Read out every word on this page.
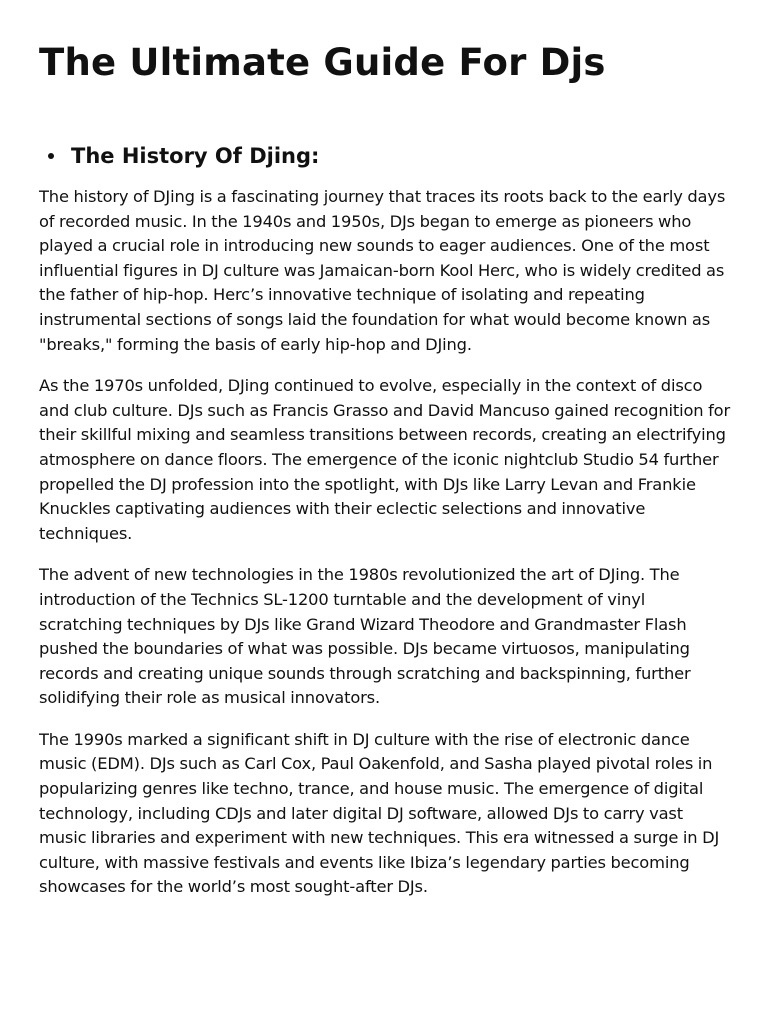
The Ultimate Guide For Djs
The History Of Djing:

The history of DJing is a fascinating journey that traces its roots back to the early days of recorded music. In the 1940s and 1950s, DJs began to emerge as pioneers who played a crucial role in introducing new sounds to eager audiences. One of the most influential figures in DJ culture was Jamaican-born Kool Herc, who is widely credited as the father of hip-hop. Herc’s innovative technique of isolating and repeating instrumental sections of songs laid the foundation for what would become known as "breaks," forming the basis of early hip-hop and DJing.

As the 1970s unfolded, DJing continued to evolve, especially in the context of disco and club culture. DJs such as Francis Grasso and David Mancuso gained recognition for their skillful mixing and seamless transitions between records, creating an electrifying atmosphere on dance floors. The emergence of the iconic nightclub Studio 54 further propelled the DJ profession into the spotlight, with DJs like Larry Levan and Frankie Knuckles captivating audiences with their eclectic selections and innovative techniques.

The advent of new technologies in the 1980s revolutionized the art of DJing. The introduction of the Technics SL-1200 turntable and the development of vinyl scratching techniques by DJs like Grand Wizard Theodore and Grandmaster Flash pushed the boundaries of what was possible. DJs became virtuosos, manipulating records and creating unique sounds through scratching and backspinning, further solidifying their role as musical innovators.

The 1990s marked a significant shift in DJ culture with the rise of electronic dance music (EDM). DJs such as Carl Cox, Paul Oakenfold, and Sasha played pivotal roles in popularizing genres like techno, trance, and house music. The emergence of digital technology, including CDJs and later digital DJ software, allowed DJs to carry vast music libraries and experiment with new techniques. This era witnessed a surge in DJ culture, with massive festivals and events like Ibiza’s legendary parties becoming showcases for the world’s most sought-after DJs.
